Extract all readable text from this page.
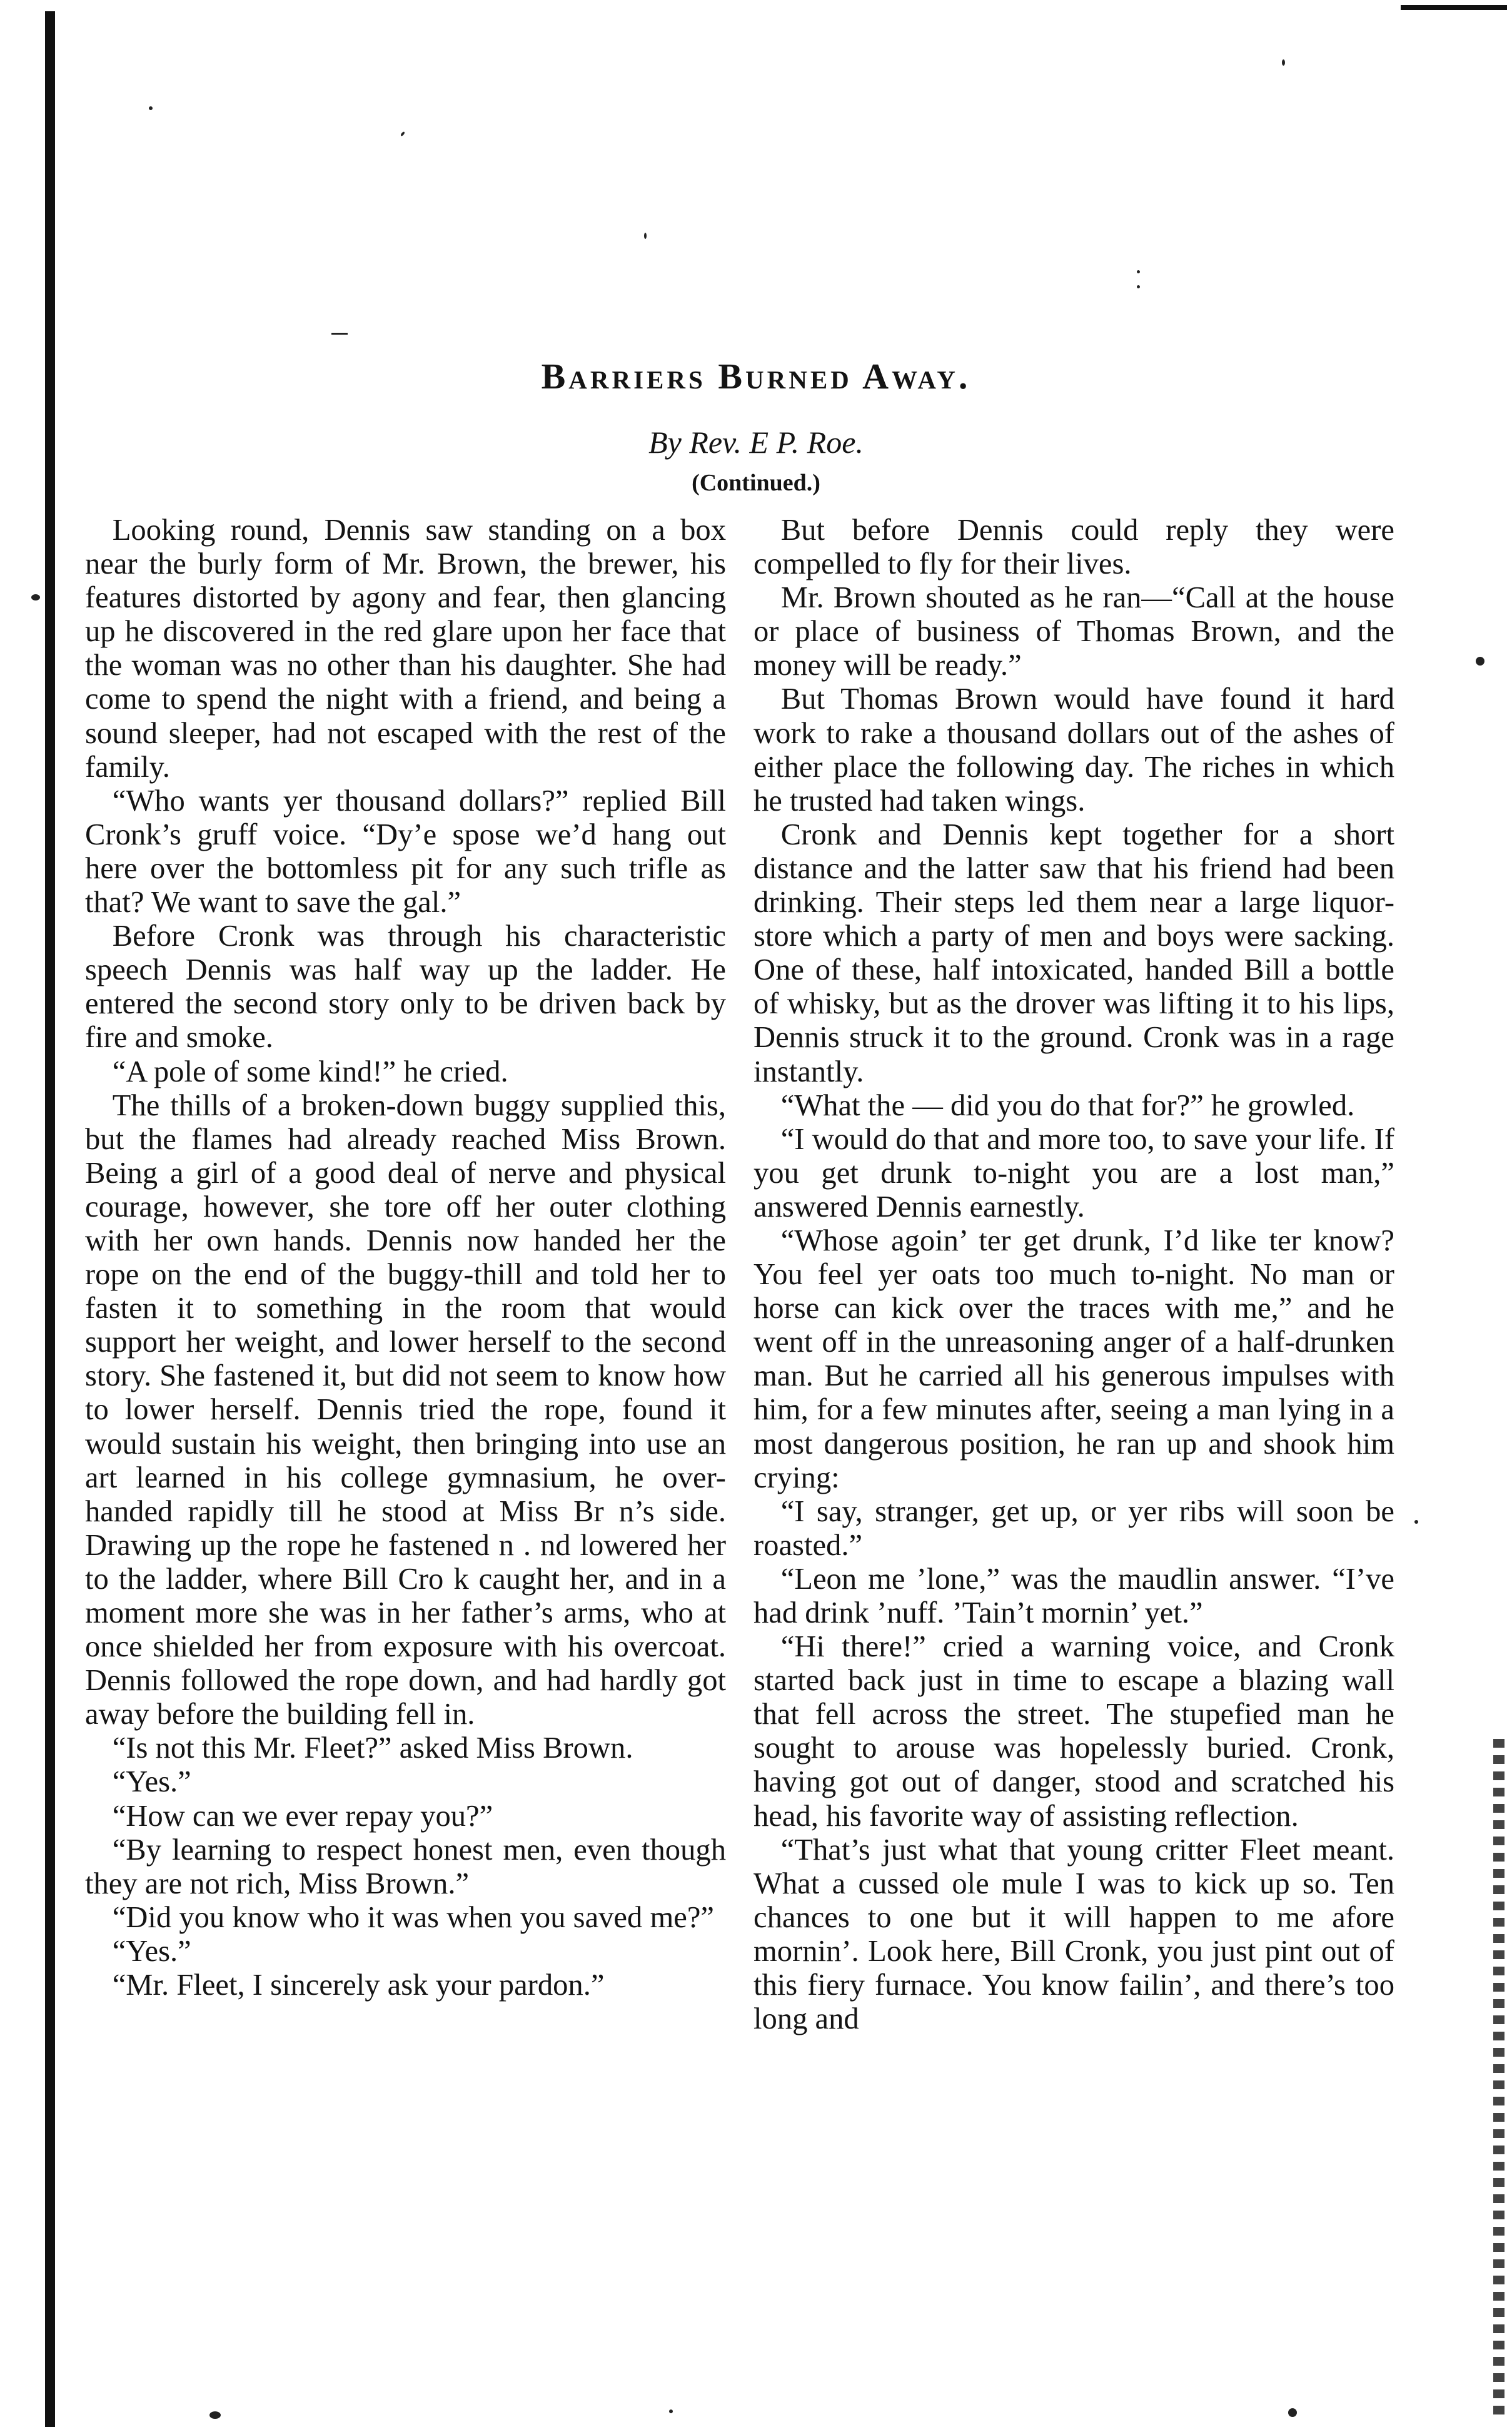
Barriers Burned Away.
By Rev. E P. Roe.
(Continued.)

Looking round, Dennis saw standing on a box near the burly form of Mr. Brown, the brewer, his features distorted by agony and fear, then glancing up he discovered in the red glare upon her face that the woman was no other than his daughter. She had come to spend the night with a friend, and being a sound sleeper, had not escaped with the rest of the family.

“Who wants yer thousand dollars?” replied Bill Cronk’s gruff voice. “Dy’e spose we’d hang out here over the bottomless pit for any such trifle as that? We want to save the gal.”

Before Cronk was through his characteristic speech Dennis was half way up the ladder. He entered the second story only to be driven back by fire and smoke.

“A pole of some kind!” he cried.

The thills of a broken-down buggy supplied this, but the flames had already reached Miss Brown. Being a girl of a good deal of nerve and physical courage, however, she tore off her outer clothing with her own hands. Dennis now handed her the rope on the end of the buggy-thill and told her to fasten it to something in the room that would support her weight, and lower herself to the second story. She fastened it, but did not seem to know how to lower herself. Dennis tried the rope, found it would sustain his weight, then bringing into use an art learned in his college gymnasium, he over-handed rapidly till he stood at Miss Br n’s side. Drawing up the rope he fastened n . nd lowered her to the ladder, where Bill Cro k caught her, and in a moment more she was in her father’s arms, who at once shielded her from exposure with his overcoat. Dennis followed the rope down, and had hardly got away before the building fell in.

“Is not this Mr. Fleet?” asked Miss Brown.

“Yes.”

“How can we ever repay you?”

“By learning to respect honest men, even though they are not rich, Miss Brown.”

“Did you know who it was when you saved me?”

“Yes.”

“Mr. Fleet, I sincerely ask your pardon.”

But before Dennis could reply they were compelled to fly for their lives.

Mr. Brown shouted as he ran—“Call at the house or place of business of Thomas Brown, and the money will be ready.”

But Thomas Brown would have found it hard work to rake a thousand dollars out of the ashes of either place the following day. The riches in which he trusted had taken wings.

Cronk and Dennis kept together for a short distance and the latter saw that his friend had been drinking. Their steps led them near a large liquor-store which a party of men and boys were sacking. One of these, half intoxicated, handed Bill a bottle of whisky, but as the drover was lifting it to his lips, Dennis struck it to the ground. Cronk was in a rage instantly.

“What the — did you do that for?” he growled.

“I would do that and more too, to save your life. If you get drunk to-night you are a lost man,” answered Dennis earnestly.

“Whose agoin’ ter get drunk, I’d like ter know? You feel yer oats too much to-night. No man or horse can kick over the traces with me,” and he went off in the unreasoning anger of a half-drunken man. But he carried all his generous impulses with him, for a few minutes after, seeing a man lying in a most dangerous position, he ran up and shook him crying:

“I say, stranger, get up, or yer ribs will soon be roasted.”

“Leon me ’lone,” was the maudlin answer. “I’ve had drink ’nuff. ’Tain’t mornin’ yet.”

“Hi there!” cried a warning voice, and Cronk started back just in time to escape a blazing wall that fell across the street. The stupefied man he sought to arouse was hopelessly buried. Cronk, having got out of danger, stood and scratched his head, his favorite way of assisting reflection.

“That’s just what that young critter Fleet meant. What a cussed ole mule I was to kick up so. Ten chances to one but it will happen to me afore mornin’. Look here, Bill Cronk, you just pint out of this fiery furnace. You know failin’, and there’s too long and
